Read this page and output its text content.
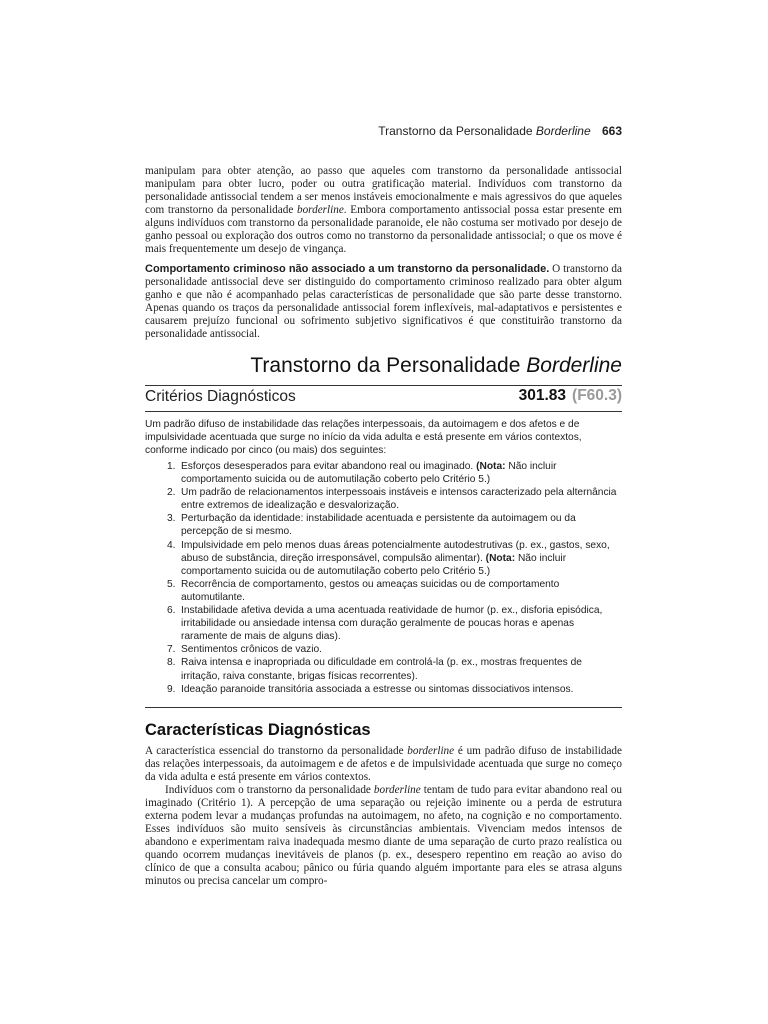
Transtorno da Personalidade Borderline 663
manipulam para obter atenção, ao passo que aqueles com transtorno da personalidade antissocial manipulam para obter lucro, poder ou outra gratificação material. Indivíduos com transtorno da personalidade antissocial tendem a ser menos instáveis emocionalmente e mais agressivos do que aqueles com transtorno da personalidade borderline. Embora comportamento antissocial possa estar presente em alguns indivíduos com transtorno da personalidade paranoide, ele não costuma ser motivado por desejo de ganho pessoal ou exploração dos outros como no transtorno da personalidade antissocial; o que os move é mais frequentemente um desejo de vingança.
Comportamento criminoso não associado a um transtorno da personalidade. O transtorno da personalidade antissocial deve ser distinguido do comportamento criminoso realizado para obter algum ganho e que não é acompanhado pelas características de personalidade que são parte desse transtorno. Apenas quando os traços da personalidade antissocial forem inflexíveis, mal-adaptativos e persistentes e causarem prejuízo funcional ou sofrimento subjetivo significativos é que constituirão transtorno da personalidade antissocial.
Transtorno da Personalidade Borderline
Critérios Diagnósticos	301.83 (F60.3)
Um padrão difuso de instabilidade das relações interpessoais, da autoimagem e dos afetos e de impulsividade acentuada que surge no início da vida adulta e está presente em vários contextos, conforme indicado por cinco (ou mais) dos seguintes:
1. Esforços desesperados para evitar abandono real ou imaginado. (Nota: Não incluir comportamento suicida ou de automutilação coberto pelo Critério 5.)
2. Um padrão de relacionamentos interpessoais instáveis e intensos caracterizado pela alternância entre extremos de idealização e desvalorização.
3. Perturbação da identidade: instabilidade acentuada e persistente da autoimagem ou da percepção de si mesmo.
4. Impulsividade em pelo menos duas áreas potencialmente autodestrutivas (p. ex., gastos, sexo, abuso de substância, direção irresponsável, compulsão alimentar). (Nota: Não incluir comportamento suicida ou de automutilação coberto pelo Critério 5.)
5. Recorrência de comportamento, gestos ou ameaças suicidas ou de comportamento automutilante.
6. Instabilidade afetiva devida a uma acentuada reatividade de humor (p. ex., disforia episódica, irritabilidade ou ansiedade intensa com duração geralmente de poucas horas e apenas raramente de mais de alguns dias).
7. Sentimentos crônicos de vazio.
8. Raiva intensa e inapropriada ou dificuldade em controlá-la (p. ex., mostras frequentes de irritação, raiva constante, brigas físicas recorrentes).
9. Ideação paranoide transitória associada a estresse ou sintomas dissociativos intensos.
Características Diagnósticas

A característica essencial do transtorno da personalidade borderline é um padrão difuso de instabilidade das relações interpessoais, da autoimagem e de afetos e de impulsividade acentuada que surge no começo da vida adulta e está presente em vários contextos.

Indivíduos com o transtorno da personalidade borderline tentam de tudo para evitar abandono real ou imaginado (Critério 1). A percepção de uma separação ou rejeição iminente ou a perda de estrutura externa podem levar a mudanças profundas na autoimagem, no afeto, na cognição e no comportamento. Esses indivíduos são muito sensíveis às circunstâncias ambientais. Vivenciam medos intensos de abandono e experimentam raiva inadequada mesmo diante de uma separação de curto prazo realística ou quando ocorrem mudanças inevitáveis de planos (p. ex., desespero repentino em reação ao aviso do clínico de que a consulta acabou; pânico ou fúria quando alguém importante para eles se atrasa alguns minutos ou precisa cancelar um compro-
